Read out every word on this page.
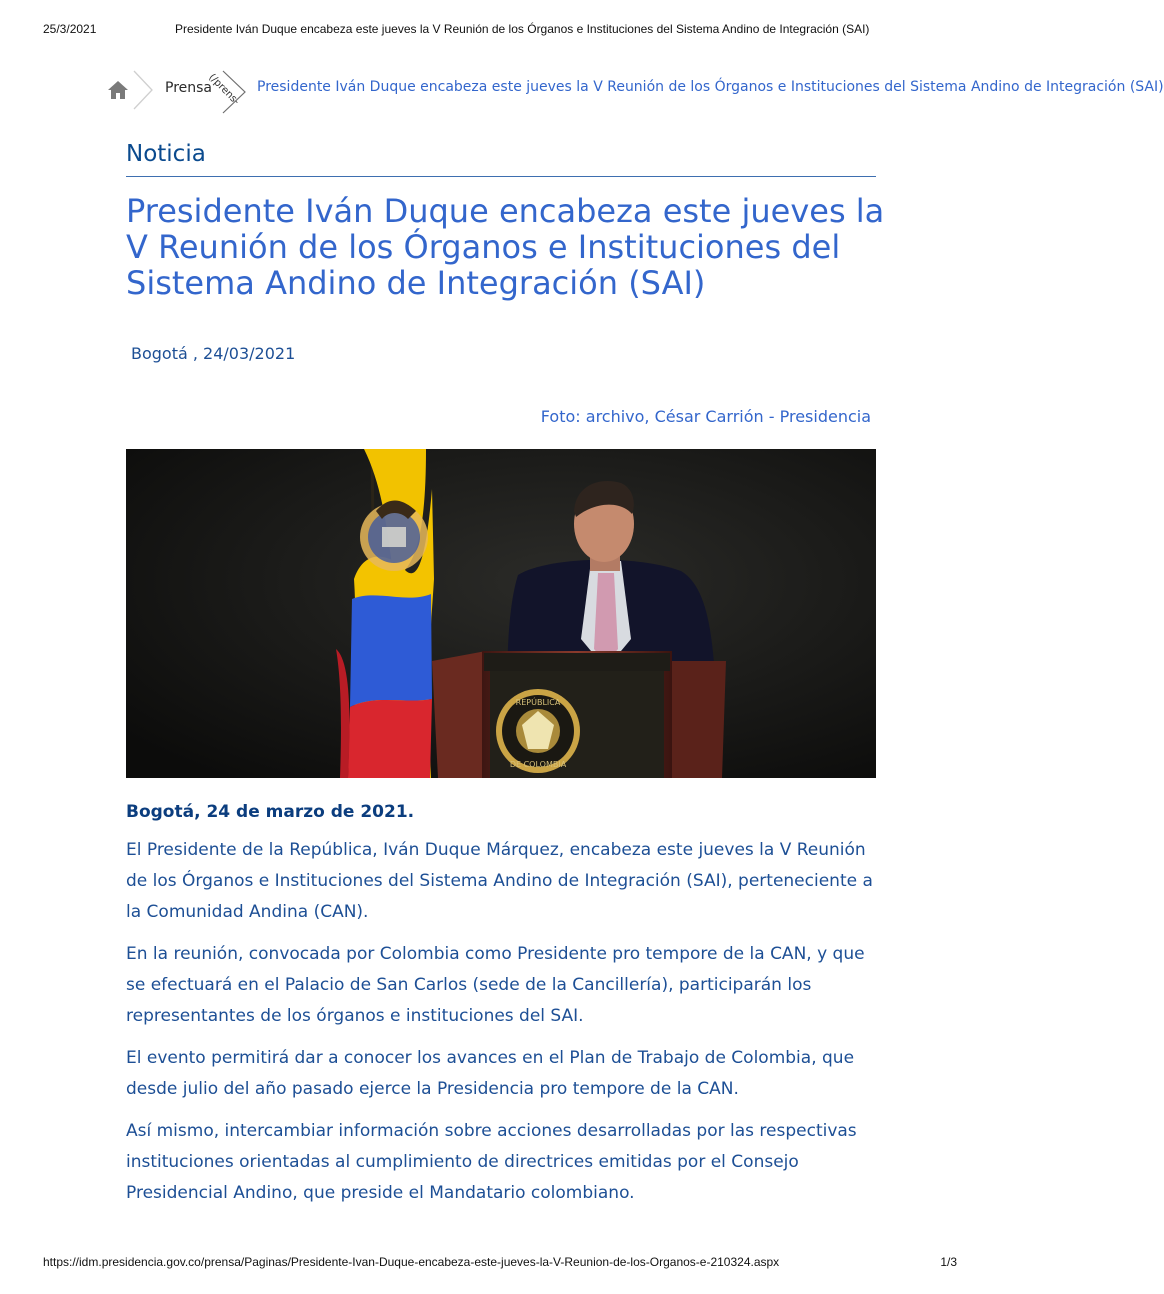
25/3/2021	Presidente Iván Duque encabeza este jueves la V Reunión de los Órganos e Instituciones del Sistema Andino de Integración (SAI)
Prensa
(/prens- Presidente Iván Duque encabeza este jueves la V Reunión de los Órganos e Instituciones del Sistema Andino de Integración (SAI)
Noticia
Presidente Iván Duque encabeza este jueves la V Reunión de los Órganos e Instituciones del Sistema Andino de Integración (SAI)
Bogotá , 24/03/2021
Foto: archivo, César Carrión - Presidencia
REPÚBLICA
DE COLOMBIA

Bogotá, 24 de marzo de 2021.

El Presidente de la República, Iván Duque Márquez, encabeza este jueves la V Reunión de los Órganos e Instituciones del Sistema Andino de Integración (SAI), perteneciente a la Comunidad Andina (CAN).

En la reunión, convocada por Colombia como Presidente pro tempore de la CAN, y que se efectuará en el Palacio de San Carlos (sede de la Cancillería), participarán los representantes de los órganos e instituciones del SAI.

El evento permitirá dar a conocer los avances en el Plan de Trabajo de Colombia, que desde julio del año pasado ejerce la Presidencia pro tempore de la CAN.

Así mismo, intercambiar información sobre acciones desarrolladas por las respectivas instituciones orientadas al cumplimiento de directrices emitidas por el Consejo Presidencial Andino, que preside el Mandatario colombiano.

https://idm.presidencia.gov.co/prensa/Paginas/Presidente-Ivan-Duque-encabeza-este-jueves-la-V-Reunion-de-los-Organos-e-210324.aspx	1/3
